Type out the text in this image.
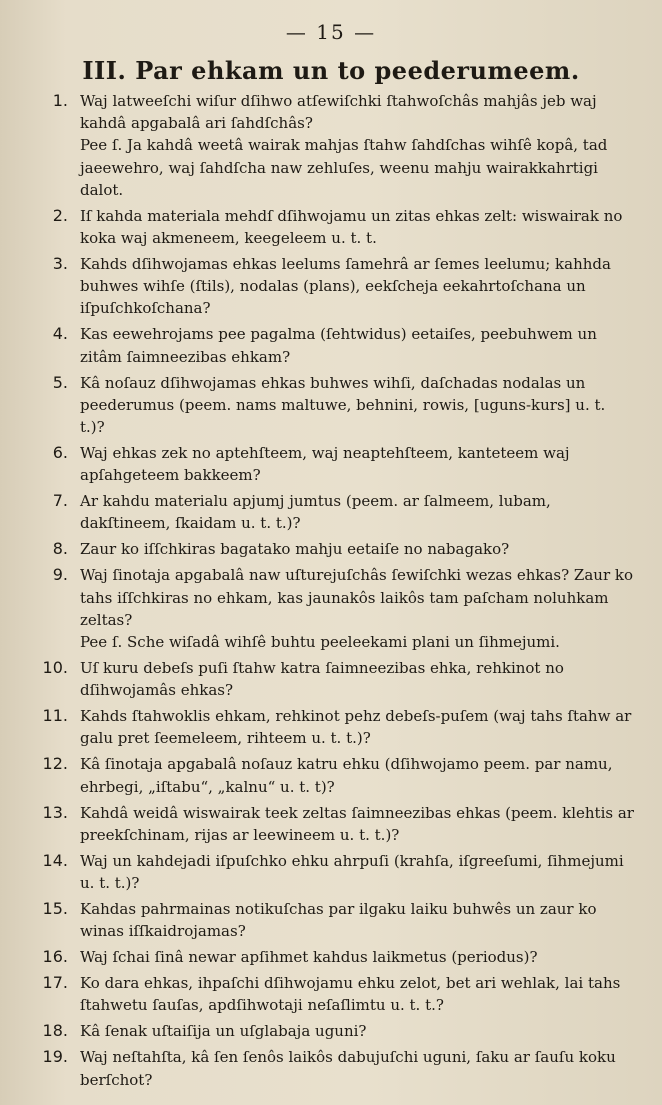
— 15 —
III. Par ehkam un to peederumeem.
1. Waj latweeſchi wiſur dſihwo atſewiſchki ſtahwoſchâs mahjâs jeb waj kahdâ apgabalâ ari ſahdſchâs?
Pee ſ. Ja kahdâ weetâ wairak mahjas ſtahw ſahdſchas wihſê kopâ, tad jaeewehro, waj ſahdſcha naw zehluſes, weenu mahju wairakkahrtigi dalot.
2. Iſ kahda materiala mehdſ dſihwojamu un zitas ehkas zelt: wiswairak no koka waj akmeneem, keegeleem u. t. t.
3. Kahds dſihwojamas ehkas leelums ſamehrâ ar ſemes leelumu; kahhda buhwes wihſe (ſtils), nodalas (plans), eekſcheja eekahrtoſchana un iſpuſchkoſchana?
4. Kas eewehrojams pee pagalma (ſehtwidus) eetaiſes, peebuhwem un zitâm ſaimneezibas ehkam?
5. Kâ noſauz dſihwojamas ehkas buhwes wihſi, daſchadas nodalas un peederumus (peem. nams maltuwe, behnini, rowis, [uguns-kurs] u. t. t.)?
6. Waj ehkas zek no aptehſteem, waj neaptehſteem, kanteteem waj apſahgeteem bakkeem?
7. Ar kahdu materialu apjumj jumtus (peem. ar ſalmeem, lubam, dakſtineem, ſkaidam u. t. t.)?
8. Zaur ko iſſchkiras bagatako mahju eetaiſe no nabagako?
9. Waj ſinotaja apgabalâ naw uſturejuſchâs ſewiſchki wezas ehkas? Zaur ko tahs iſſchkiras no ehkam, kas jaunakôs laikôs tam paſcham noluhkam zeltas?
Pee ſ. Sche wiſadâ wihſê buhtu peeleekami plani un ſihmejumi.
10. Uſ kuru debeſs puſi ſtahw katra ſaimneezibas ehka, rehkinot no dſihwojamâs ehkas?
11. Kahds ſtahwoklis ehkam, rehkinot pehz debeſs-puſem (waj tahs ſtahw ar galu pret ſeemeleem, rihteem u. t. t.)?
12. Kâ ſinotaja apgabalâ noſauz katru ehku (dſihwojamo peem. par namu, ehrbegi, „iſtabu“, „kalnu“ u. t. t)?
13. Kahdâ weidâ wiswairak teek zeltas ſaimneezibas ehkas (peem. klehtis ar preekſchinam, rijas ar leewineem u. t. t.)?
14. Waj un kahdejadi iſpuſchko ehku ahrpuſi (krahſa, iſgreeſumi, ſihmejumi u. t. t.)?
15. Kahdas pahrmainas notikuſchas par ilgaku laiku buhwês un zaur ko winas iſſkaidrojamas?
16. Waj ſchai ſinâ newar apſihmet kahdus laikmetus (periodus)?
17. Ko dara ehkas, ihpaſchi dſihwojamu ehku zelot, bet ari wehlak, lai tahs ſtahwetu ſauſas, apdſihwotaji neſaſlimtu u. t. t.?
18. Kâ ſenak uſtaiſija un uſglabaja uguni?
19. Waj neſtahſta, kâ ſen ſenôs laikôs dabujuſchi uguni, ſaku ar ſauſu koku berſchot?
